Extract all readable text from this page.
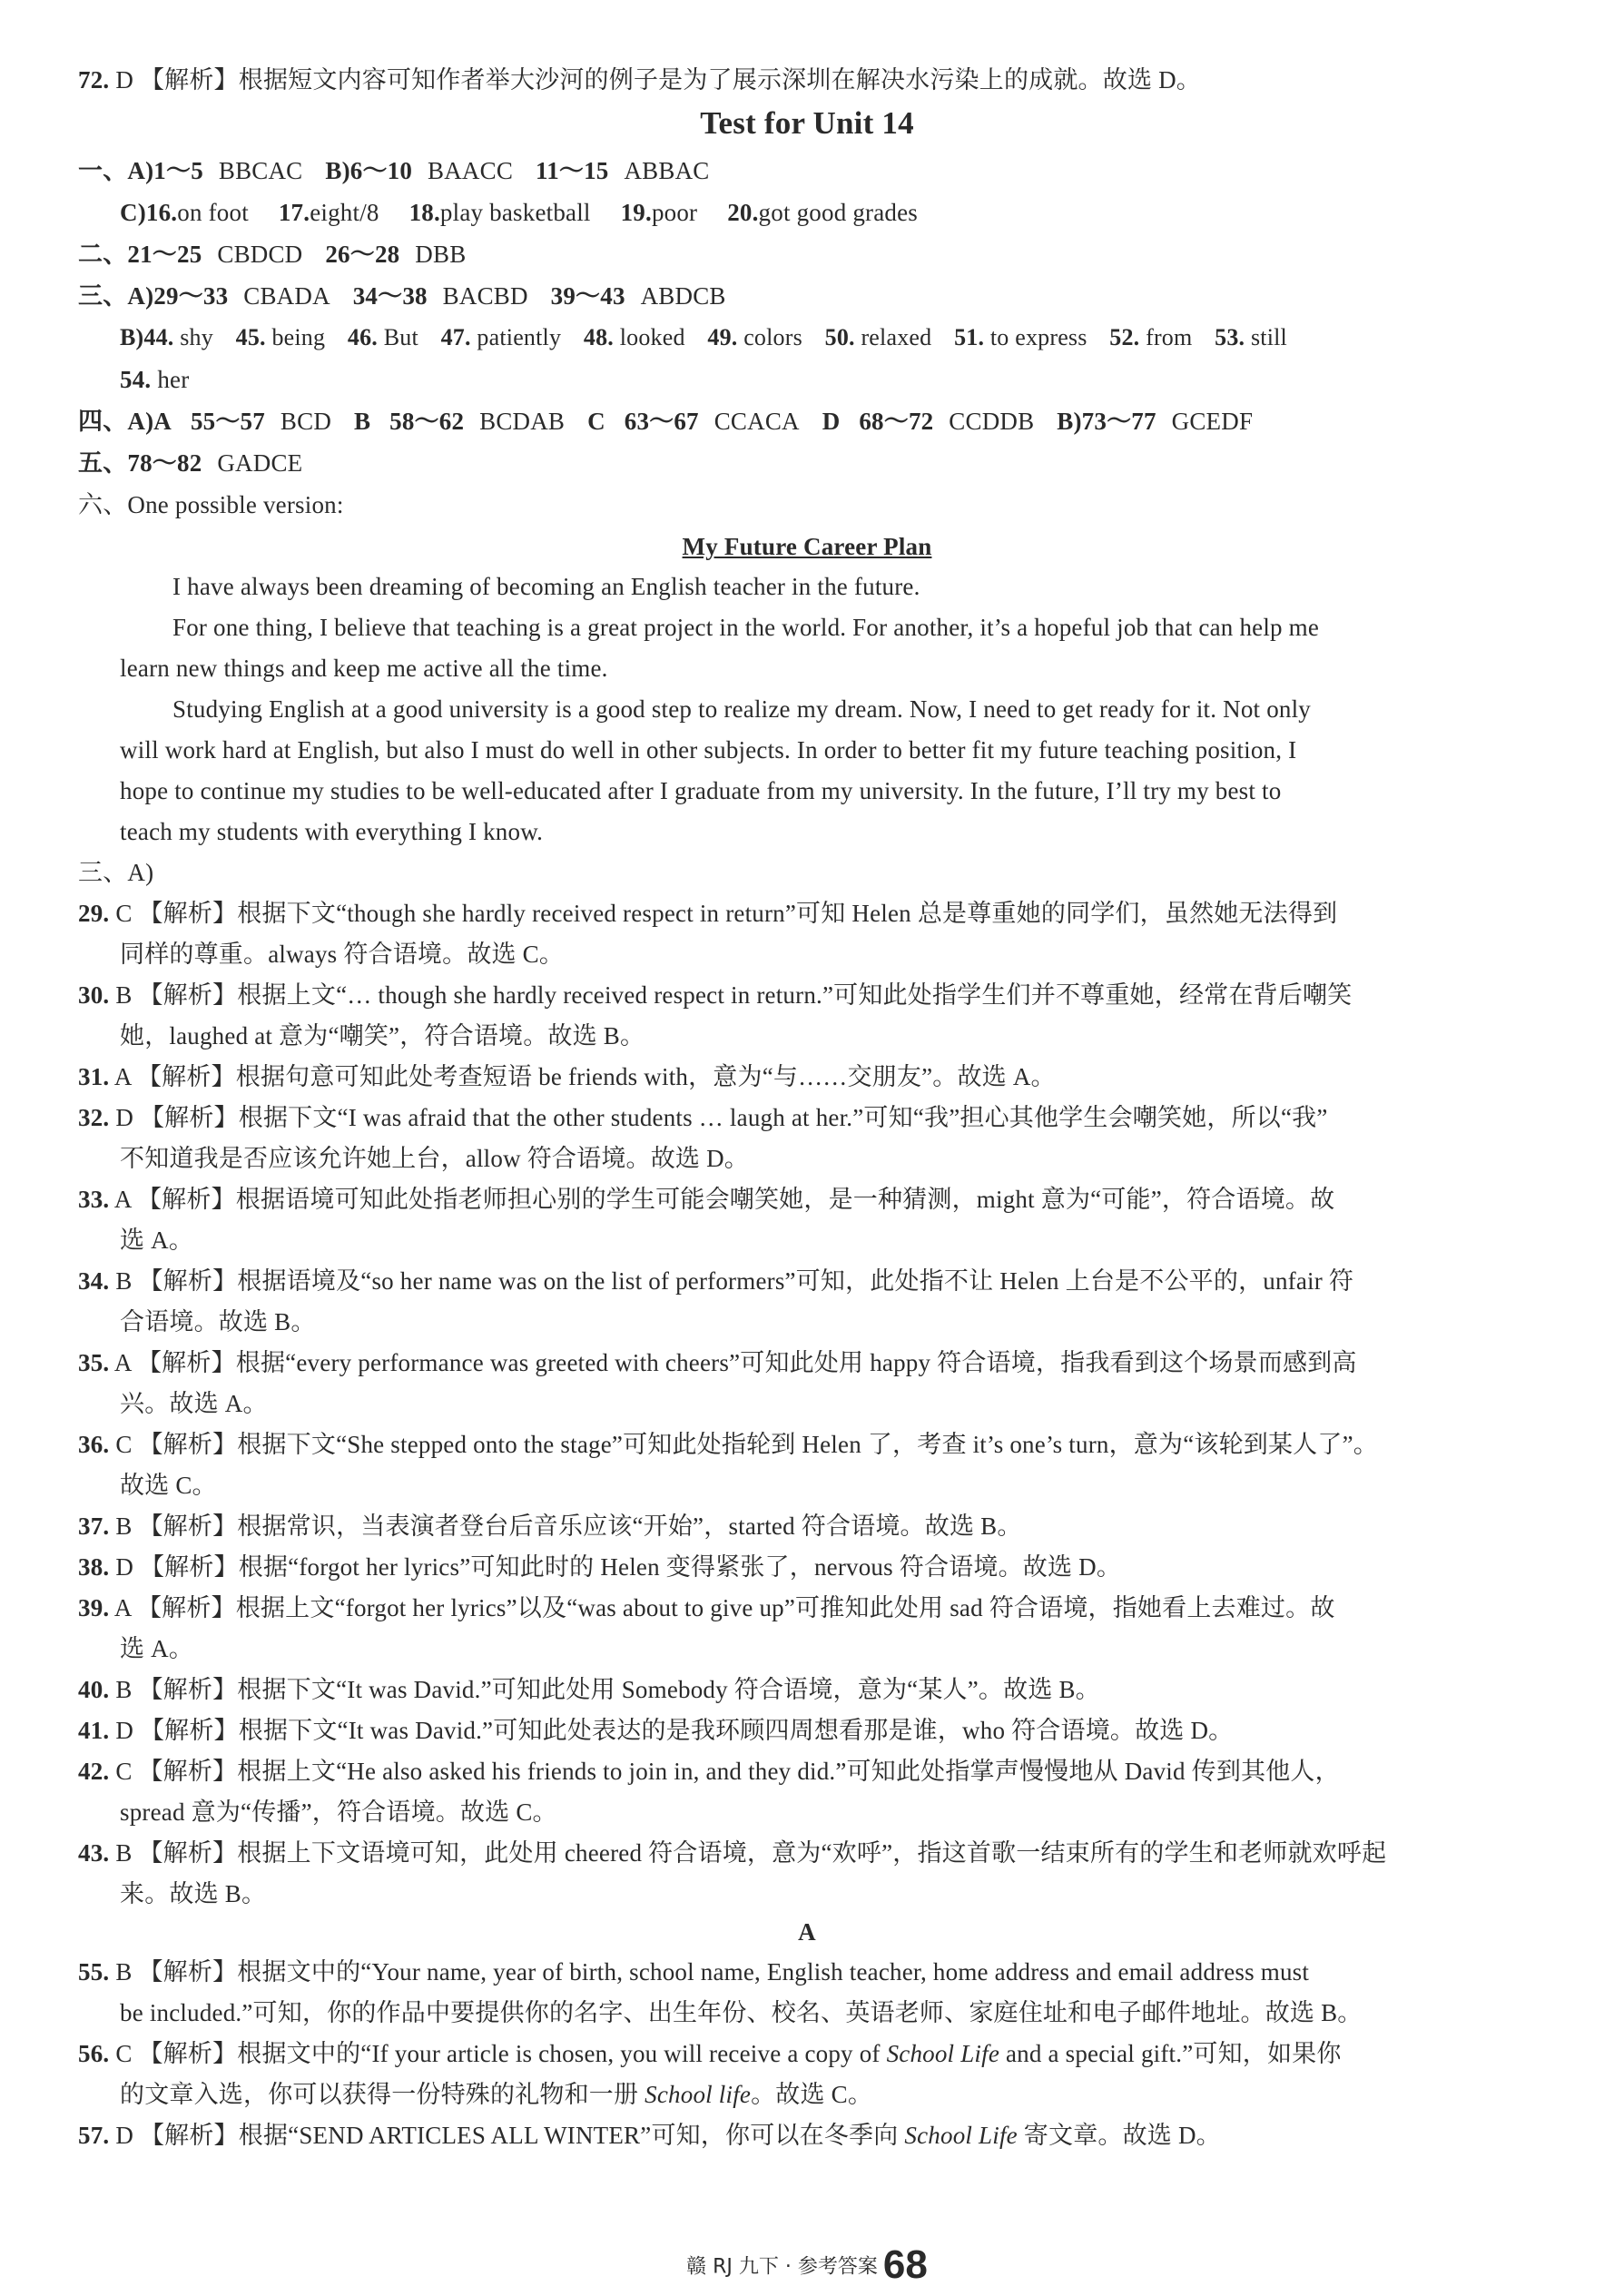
72. D 【解析】根据短文内容可知作者举大沙河的例子是为了展示深圳在解决水污染上的成就。故选 D。
Test for Unit 14
一、A)1～5 BBCAC B)6～10 BAACC 11～15 ABBAC
C)16.on foot 17.eight/8 18.play basketball 19.poor 20.got good grades
二、21～25 CBDCD 26～28 DBB
三、A)29～33 CBADA 34～38 BACBD 39～43 ABDCB
B)44. shy 45. being 46. But 47. patiently 48. looked 49. colors 50. relaxed 51. to express 52. from 53. still
54. her
四、A)A 55～57 BCD B 58～62 BCDAB C 63～67 CCACA D 68～72 CCDDB B)73～77 GCEDF
五、78～82 GADCE
六、One possible version:
My Future Career Plan
I have always been dreaming of becoming an English teacher in the future.
For one thing, I believe that teaching is a great project in the world. For another, it’s a hopeful job that can help me
learn new things and keep me active all the time.
Studying English at a good university is a good step to realize my dream. Now, I need to get ready for it. Not only
will work hard at English, but also I must do well in other subjects. In order to better fit my future teaching position, I
hope to continue my studies to be well-educated after I graduate from my university. In the future, I’ll try my best to
teach my students with everything I know.
三、A)
29. C 【解析】根据下文“though she hardly received respect in return”可知 Helen 总是尊重她的同学们，虽然她无法得到
同样的尊重。always 符合语境。故选 C。
30. B 【解析】根据上文“… though she hardly received respect in return.”可知此处指学生们并不尊重她，经常在背后嘲笑
她，laughed at 意为“嘲笑”，符合语境。故选 B。
31. A 【解析】根据句意可知此处考查短语 be friends with，意为“与……交朋友”。故选 A。
32. D 【解析】根据下文“I was afraid that the other students … laugh at her.”可知“我”担心其他学生会嘲笑她，所以“我”
不知道我是否应该允许她上台，allow 符合语境。故选 D。
33. A 【解析】根据语境可知此处指老师担心别的学生可能会嘲笑她，是一种猜测，might 意为“可能”，符合语境。故
选 A。
34. B 【解析】根据语境及“so her name was on the list of performers”可知，此处指不让 Helen 上台是不公平的，unfair 符
合语境。故选 B。
35. A 【解析】根据“every performance was greeted with cheers”可知此处用 happy 符合语境，指我看到这个场景而感到高
兴。故选 A。
36. C 【解析】根据下文“She stepped onto the stage”可知此处指轮到 Helen 了，考查 it’s one’s turn，意为“该轮到某人了”。
故选 C。
37. B 【解析】根据常识，当表演者登台后音乐应该“开始”，started 符合语境。故选 B。
38. D 【解析】根据“forgot her lyrics”可知此时的 Helen 变得紧张了，nervous 符合语境。故选 D。
39. A 【解析】根据上文“forgot her lyrics”以及“was about to give up”可推知此处用 sad 符合语境，指她看上去难过。故
选 A。
40. B 【解析】根据下文“It was David.”可知此处用 Somebody 符合语境，意为“某人”。故选 B。
41. D 【解析】根据下文“It was David.”可知此处表达的是我环顾四周想看那是谁，who 符合语境。故选 D。
42. C 【解析】根据上文“He also asked his friends to join in, and they did.”可知此处指掌声慢慢地从 David 传到其他人，
spread 意为“传播”，符合语境。故选 C。
43. B 【解析】根据上下文语境可知，此处用 cheered 符合语境，意为“欢呼”，指这首歌一结束所有的学生和老师就欢呼起
来。故选 B。
A
55. B 【解析】根据文中的“Your name, year of birth, school name, English teacher, home address and email address must
be included.”可知，你的作品中要提供你的名字、出生年份、校名、英语老师、家庭住址和电子邮件地址。故选 B。
56. C 【解析】根据文中的“If your article is chosen, you will receive a copy of School Life and a special gift.”可知，如果你
的文章入选，你可以获得一份特殊的礼物和一册 School life。故选 C。
57. D 【解析】根据“SEND ARTICLES ALL WINTER”可知，你可以在冬季向 School Life 寄文章。故选 D。
赣 RJ 九下 · 参考答案 68
